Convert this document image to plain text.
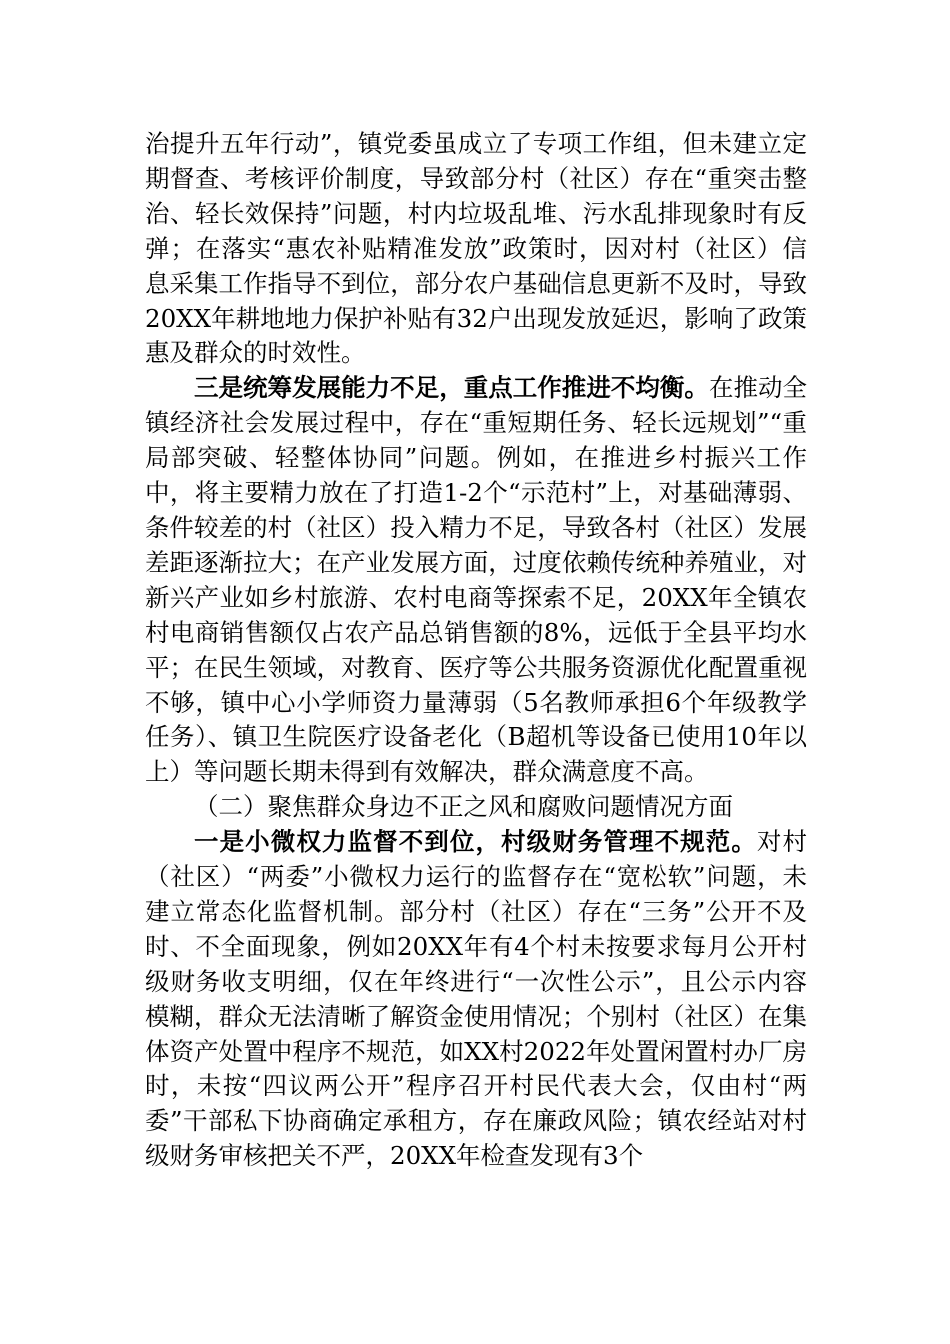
治提升五年行动”，镇党委虽成立了专项工作组，但未建立定期督查、考核评价制度，导致部分村（社区）存在“重突击整治、轻长效保持”问题，村内垃圾乱堆、污水乱排现象时有反弹；在落实“惠农补贴精准发放”政策时，因对村（社区）信息采集工作指导不到位，部分农户基础信息更新不及时，导致20XX年耕地地力保护补贴有32户出现发放延迟，影响了政策惠及群众的时效性。

三是统筹发展能力不足，重点工作推进不均衡。在推动全镇经济社会发展过程中，存在“重短期任务、轻长远规划”“重局部突破、轻整体协同”问题。例如，在推进乡村振兴工作中，将主要精力放在了打造1-2个“示范村”上，对基础薄弱、条件较差的村（社区）投入精力不足，导致各村（社区）发展差距逐渐拉大；在产业发展方面，过度依赖传统种养殖业，对新兴产业如乡村旅游、农村电商等探索不足，20XX年全镇农村电商销售额仅占农产品总销售额的8%，远低于全县平均水平；在民生领域，对教育、医疗等公共服务资源优化配置重视不够，镇中心小学师资力量薄弱（5名教师承担6个年级教学任务）、镇卫生院医疗设备老化（B超机等设备已使用10年以上）等问题长期未得到有效解决，群众满意度不高。

（二）聚焦群众身边不正之风和腐败问题情况方面

一是小微权力监督不到位，村级财务管理不规范。对村（社区）“两委”小微权力运行的监督存在“宽松软”问题，未建立常态化监督机制。部分村（社区）存在“三务”公开不及时、不全面现象，例如20XX年有4个村未按要求每月公开村级财务收支明细，仅在年终进行“一次性公示”，且公示内容模糊，群众无法清晰了解资金使用情况；个别村（社区）在集体资产处置中程序不规范，如XX村2022年处置闲置村办厂房时，未按“四议两公开”程序召开村民代表大会，仅由村“两委”干部私下协商确定承租方，存在廉政风险；镇农经站对村级财务审核把关不严，20XX年检查发现有3个
